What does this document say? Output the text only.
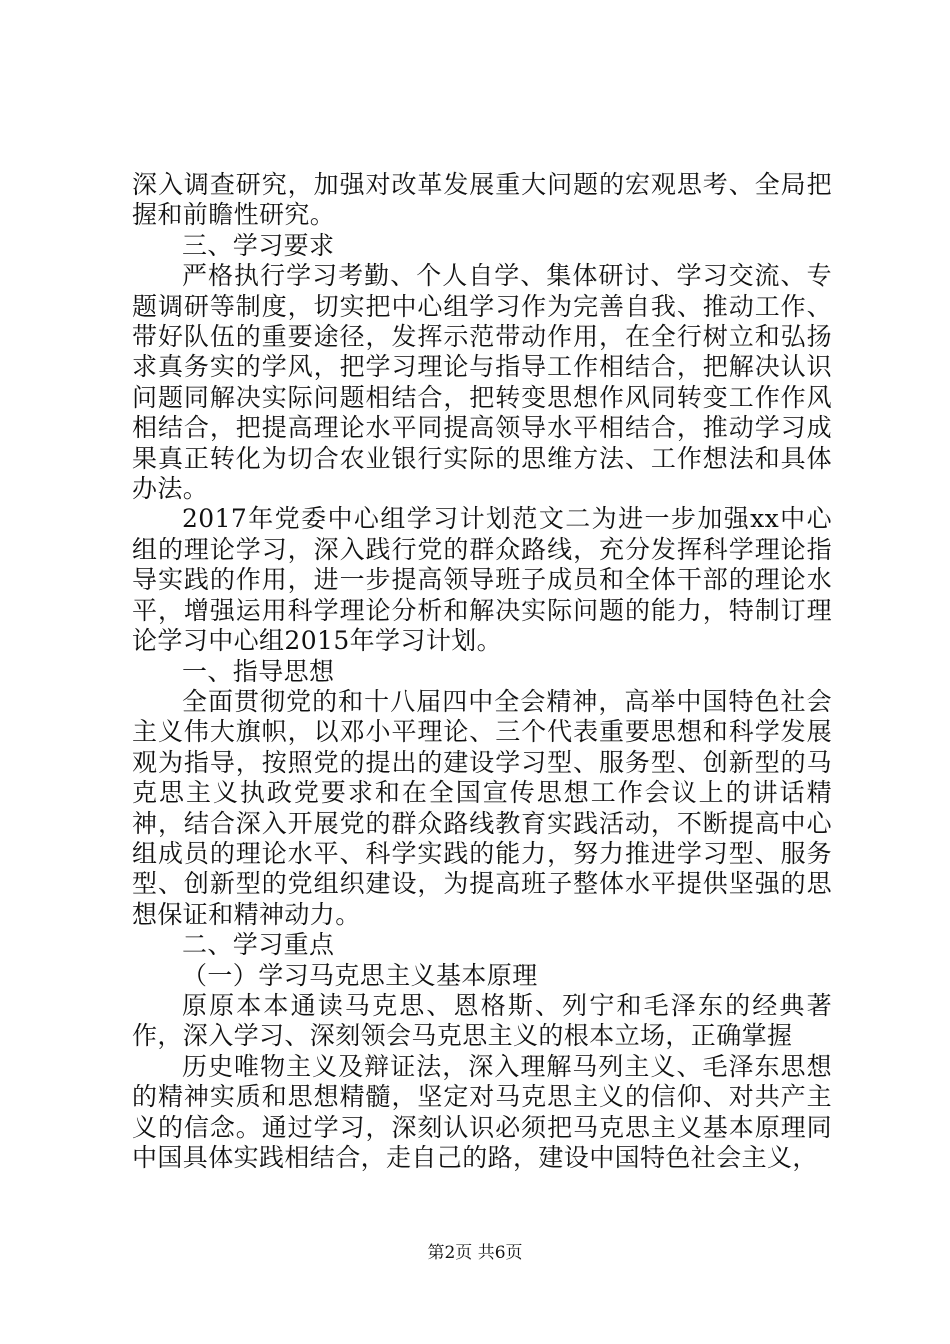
深入调查研究，加强对改革发展重大问题的宏观思考、全局把握和前瞻性研究。

三、学习要求

严格执行学习考勤、个人自学、集体研讨、学习交流、专题调研等制度，切实把中心组学习作为完善自我、推动工作、带好队伍的重要途径，发挥示范带动作用，在全行树立和弘扬求真务实的学风，把学习理论与指导工作相结合，把解决认识问题同解决实际问题相结合，把转变思想作风同转变工作作风相结合，把提高理论水平同提高领导水平相结合，推动学习成果真正转化为切合农业银行实际的思维方法、工作想法和具体办法。

2017年党委中心组学习计划范文二为进一步加强xx中心组的理论学习，深入践行党的群众路线，充分发挥科学理论指导实践的作用，进一步提高领导班子成员和全体干部的理论水平，增强运用科学理论分析和解决实际问题的能力，特制订理论学习中心组2015年学习计划。

一、指导思想

全面贯彻党的和十八届四中全会精神，高举中国特色社会主义伟大旗帜，以邓小平理论、三个代表重要思想和科学发展观为指导，按照党的提出的建设学习型、服务型、创新型的马克思主义执政党要求和在全国宣传思想工作会议上的讲话精神，结合深入开展党的群众路线教育实践活动，不断提高中心组成员的理论水平、科学实践的能力，努力推进学习型、服务型、创新型的党组织建设，为提高班子整体水平提供坚强的思想保证和精神动力。

二、学习重点

（一）学习马克思主义基本原理

原原本本通读马克思、恩格斯、列宁和毛泽东的经典著作，深入学习、深刻领会马克思主义的根本立场，正确掌握

历史唯物主义及辩证法，深入理解马列主义、毛泽东思想的精神实质和思想精髓，坚定对马克思主义的信仰、对共产主义的信念。通过学习，深刻认识必须把马克思主义基本原理同中国具体实践相结合，走自己的路，建设中国特色社会主义，

第2页 共6页
